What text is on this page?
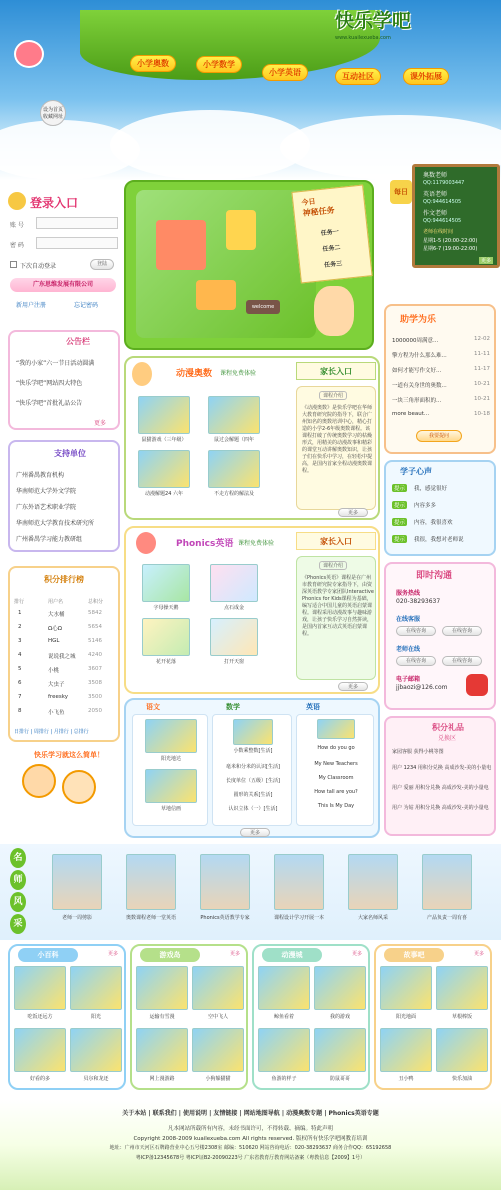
小学奥数	小学数学
小学英语	互动社区	课外拓展
快乐学吧
www.kuailexueba.com
设为首页
收藏网址
登录入口
账 号
密 码
下次自动登录	登陆
广东思维发展有限公司
新用户注册	忘记密码
公告栏
“我的小家”六一节日活动圆满
“快乐学吧”网站四大特色
“快乐学吧”首批礼品公告
更多
支持单位
广州番禺教育机构
华南师范大学外文学院
广东外语艺术职业学院
华南师范大学教育技术研究所
广州番禺学习能力教研组
积分排行榜
排行	用户名	总积分
日排行 | 周排行 | 月排行 | 总排行
1	大水桶	5842
2	Ω心Ω	5654
3	HGL	5146
4	说说我之城 4240
5	小桃	3607
6	大虫子	3508
7	freesky	3500
8	小飞鱼	2050
快乐学习就这么简单！
welcome
今日
神秘任务
任务一
任务二
任务三
奥数老师
QQ:1179003447
英语老师
QQ:944614505
作文老师
QQ:944614505
老师在线时间
星期1-5 (20:00-22:00)
星期6-7 (19:00-22:00)
更多
每日
动漫奥数 课程免费体验
鼠猫游戏（三年级）	鼠过会解题（四年
动漫解题24 六年	不走方程的解法及
家长入口
课程介绍
《动漫奥数》是快乐学吧在华师大教育研究院的指导下，联合广州知名的奥数培训中心，精心打造的小学2-6年级奥数课程。该课程打破了传统奥数学习的枯燥形式，用精美的动漫故事和精彩的课堂互动讲解奥数知识，让孩子们在快乐中学习，在轻松中提高，是国内首家全程动漫奥数课程。
更多
Phonics英语 课程免费体验
字母操天鹅	点石成金
花开花落	打开天窗
家长入口
课程介绍
《Phonics英语》课程是在广州市教育研究院专家指导下，由资深英语教学专家团队Interactive Phonics for Kids课程为基础，编写适合中国儿童的英语启蒙课程。课程采用动漫故事与趣味游戏，让孩子快乐学习自然拼读，是国内首家互动式英语启蒙课程。
更多
语文	数学	英语
阳光地达
草地信画
小数乘整数[生活]
毫米和分米的认识[生活]
长度单位（五级）[生活]
圆形的关系[生活]
认识立体（一）[生活]
How do you go
My New Teachers
My Classroom
How tall are you?
This Is My Day
更多
助学为乐
我要提问
1000000周满意...	12-02
擎方程为什么那么难...	11-11
如何才能写作文好...	11-17
一道有关身世的奥数...	10-21
一块三角形面积的...	10-21
more beaut...	10-18
学子心声
提示	我，感觉很好
提示	内容多多
提示	内容，我很喜欢
提示	我很，我想对老师说
即时沟通
服务热线
020-38293637
在线客服
在线咨询	在线咨询
老师在线
在线咨询	在线咨询
电子邮箱
jjbaozi@126.com
积分礼品
兑换区
家园客服 获得小桃等图
用户 1234 用积分兑换 高成沙发-美的小量电
用户 爱丽 用积分兑换 高成沙发-美的小量电
用户 为姑 用积分兑换 高成沙发-美的小量电
名
师
风
采
老师一周剪影	奥数课程老师一堂英语	Phonics英语教学专家	课程设计学习开展一本	大家名师风采	产品负责一周有喜
小百科	更多
吃饭还远方	阳光
好看的多	贝尔和龙还
游戏岛	更多
运输有雪漫	空中飞人
网上漫游路	小狗躲猫猫
动漫城	更多
鲸鱼看着	我的游戏
鱼游的样子	防鼠哥哥
故事吧	更多
阳光地面	草根棒饭
丑小鸭	快乐加油
关于本站 | 联系我们 | 使用说明 | 友情链接 | 网站地图导航 | 动漫奥数专题 | Phonics英语专题
凡本网站所载所有内容，未经书面许可，不得转载、摘编。特此声明
Copyright 2008-2009 kuailexueba.com All rights reserved. 版权所有快乐学吧网教育培训
地址：广州市天河区石牌路营业中心五号楼2308室 邮编：510620 网站咨询电话：020-38293637 商务合作QQ：65192658
粤ICP备12345678号 粤ICP证B2-20090223号 广东省教育厅教育网站备案（粤教信息【2009】1号）
